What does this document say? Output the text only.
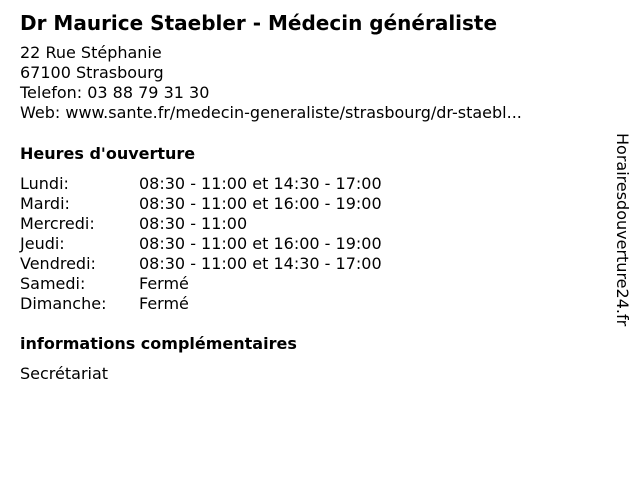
Dr Maurice Staebler - Médecin généraliste
22 Rue Stéphanie
67100 Strasbourg
Telefon: 03 88 79 31 30
Web: www.sante.fr/medecin-generaliste/strasbourg/dr-staebl...
Heures d'ouverture
Lundi:	08:30 - 11:00 et 14:30 - 17:00
Mardi:	08:30 - 11:00 et 16:00 - 19:00
Mercredi:	08:30 - 11:00
Jeudi:	08:30 - 11:00 et 16:00 - 19:00
Vendredi:	08:30 - 11:00 et 14:30 - 17:00
Samedi:	Fermé
Dimanche: Fermé
informations complémentaires
Secrétariat
Horairesdouverture24.fr
